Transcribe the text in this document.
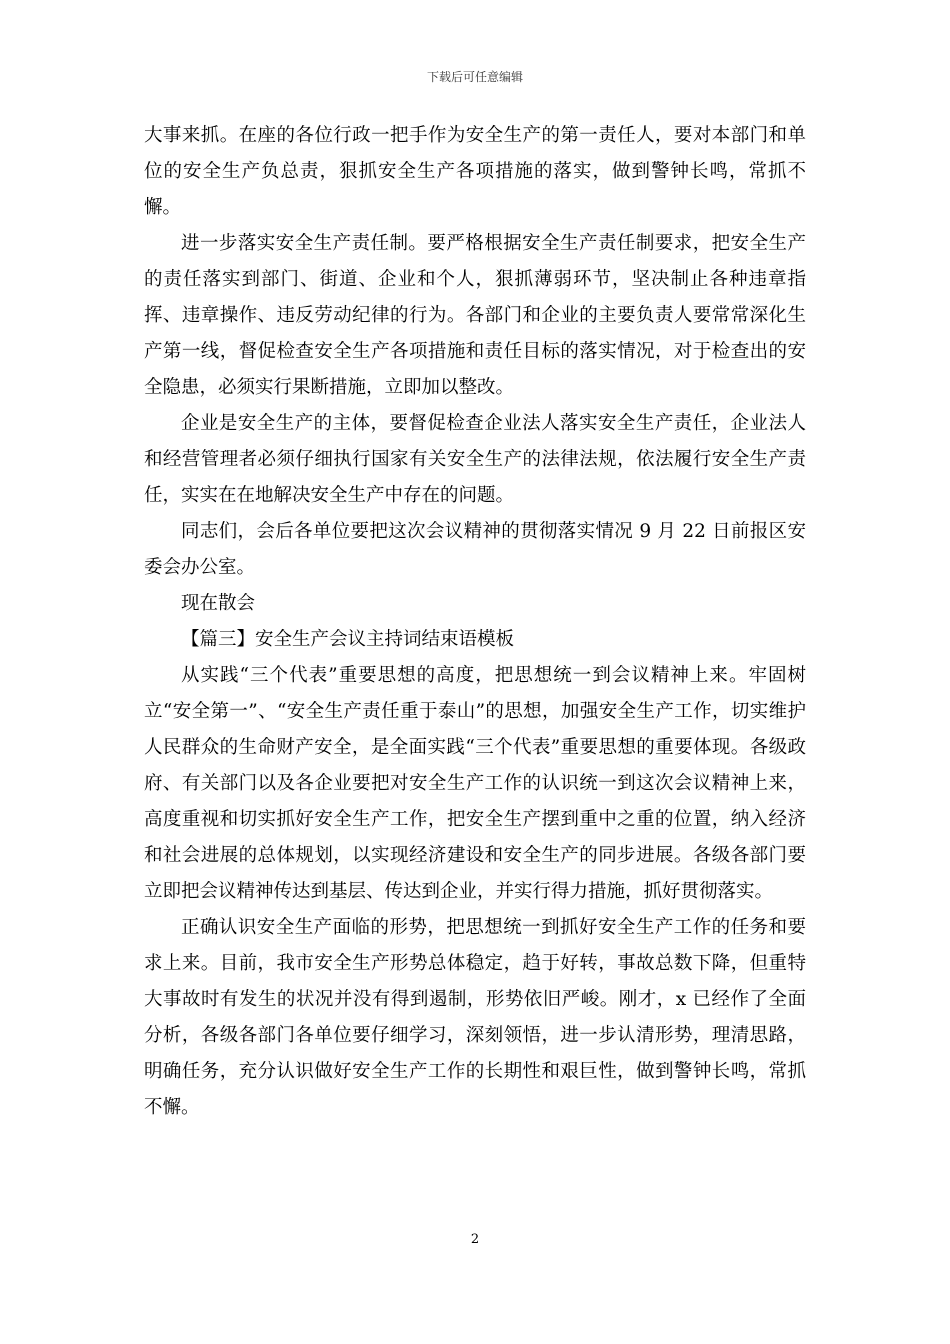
下载后可任意编辑

大事来抓。在座的各位行政一把手作为安全生产的第一责任人，要对本部门和单位的安全生产负总责，狠抓安全生产各项措施的落实，做到警钟长鸣，常抓不懈。

进一步落实安全生产责任制。要严格根据安全生产责任制要求，把安全生产的责任落实到部门、街道、企业和个人，狠抓薄弱环节，坚决制止各种违章指挥、违章操作、违反劳动纪律的行为。各部门和企业的主要负责人要常常深化生产第一线，督促检查安全生产各项措施和责任目标的落实情况，对于检查出的安全隐患，必须实行果断措施，立即加以整改。

企业是安全生产的主体，要督促检查企业法人落实安全生产责任，企业法人和经营管理者必须仔细执行国家有关安全生产的法律法规，依法履行安全生产责任，实实在在地解决安全生产中存在的问题。

同志们，会后各单位要把这次会议精神的贯彻落实情况 9 月 22 日前报区安委会办公室。

现在散会

【篇三】安全生产会议主持词结束语模板

从实践“三个代表”重要思想的高度，把思想统一到会议精神上来。牢固树立“安全第一”、“安全生产责任重于泰山”的思想，加强安全生产工作，切实维护人民群众的生命财产安全，是全面实践“三个代表”重要思想的重要体现。各级政府、有关部门以及各企业要把对安全生产工作的认识统一到这次会议精神上来，高度重视和切实抓好安全生产工作，把安全生产摆到重中之重的位置，纳入经济和社会进展的总体规划，以实现经济建设和安全生产的同步进展。各级各部门要立即把会议精神传达到基层、传达到企业，并实行得力措施，抓好贯彻落实。

正确认识安全生产面临的形势，把思想统一到抓好安全生产工作的任务和要求上来。目前，我市安全生产形势总体稳定，趋于好转，事故总数下降，但重特大事故时有发生的状况并没有得到遏制，形势依旧严峻。刚才，x 已经作了全面分析，各级各部门各单位要仔细学习，深刻领悟，进一步认清形势，理清思路，明确任务，充分认识做好安全生产工作的长期性和艰巨性，做到警钟长鸣，常抓不懈。

2
